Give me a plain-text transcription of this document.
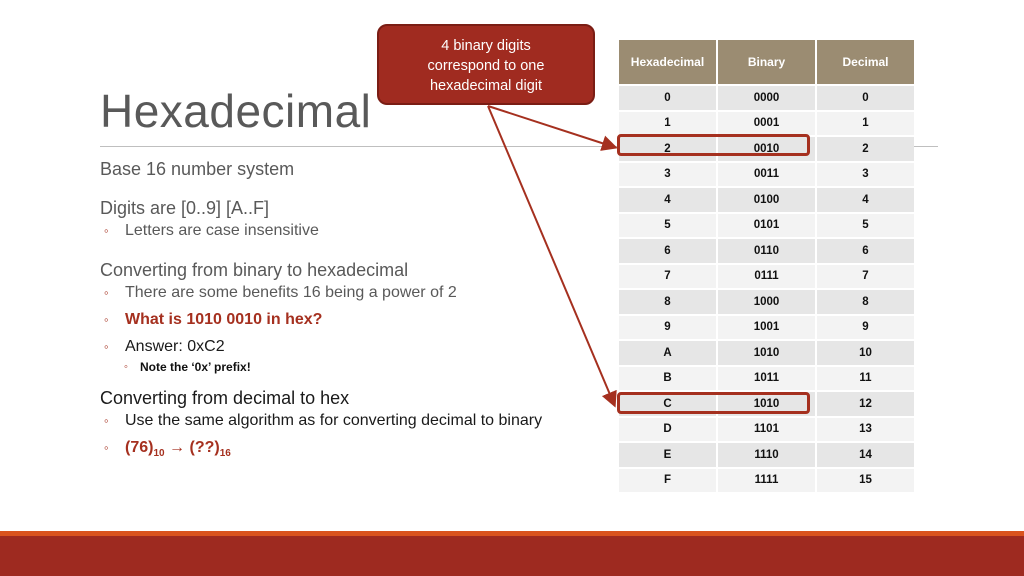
Hexadecimal

Base 16 number system

Digits are [0..9] [A..F]

◦ Letters are case insensitive

Converting from binary to hexadecimal

◦ There are some benefits 16 being a power of 2

◦ What is 1010 0010 in hex?

◦ Answer: 0xC2

◦ Note the ‘0x’ prefix!

Converting from decimal to hex

◦ Use the same algorithm as for converting decimal to binary

◦ $(76)_{10}$ → $(??)_{16}$

4 binary digits
correspond to one
hexadecimal digit
Hexadecimal	Binary	Decimal
0	0000	0
1	0001	1
2	0010	2
3	0011	3
4	0100	4
5	0101	5
6	0110	6
7	0111	7
8	1000	8
9	1001	9
A	1010	10
B	1011	11
C	1010	12
D	1101	13
E	1110	14
F	1111	15
